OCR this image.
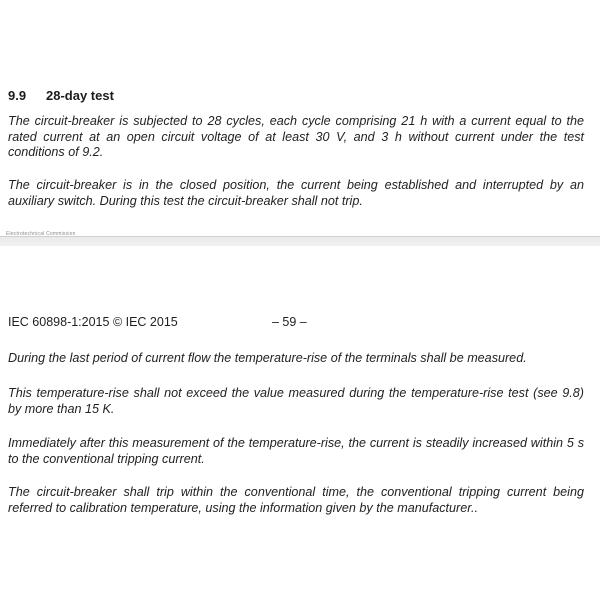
9.9 28-day test

The circuit-breaker is subjected to 28 cycles, each cycle comprising 21 h with a current equal to the rated current at an open circuit voltage of at least 30 V, and 3 h without current under the test conditions of 9.2.

The circuit-breaker is in the closed position, the current being established and interrupted by an auxiliary switch. During this test the circuit-breaker shall not trip.

Electrotechnical Commission
IEC 60898-1:2015 © IEC 2015	– 59 –

During the last period of current flow the temperature-rise of the terminals shall be measured.

This temperature-rise shall not exceed the value measured during the temperature-rise test (see 9.8) by more than 15 K.

Immediately after this measurement of the temperature-rise, the current is steadily increased within 5 s to the conventional tripping current.

The circuit-breaker shall trip within the conventional time, the conventional tripping current being referred to calibration temperature, using the information given by the manufacturer..
